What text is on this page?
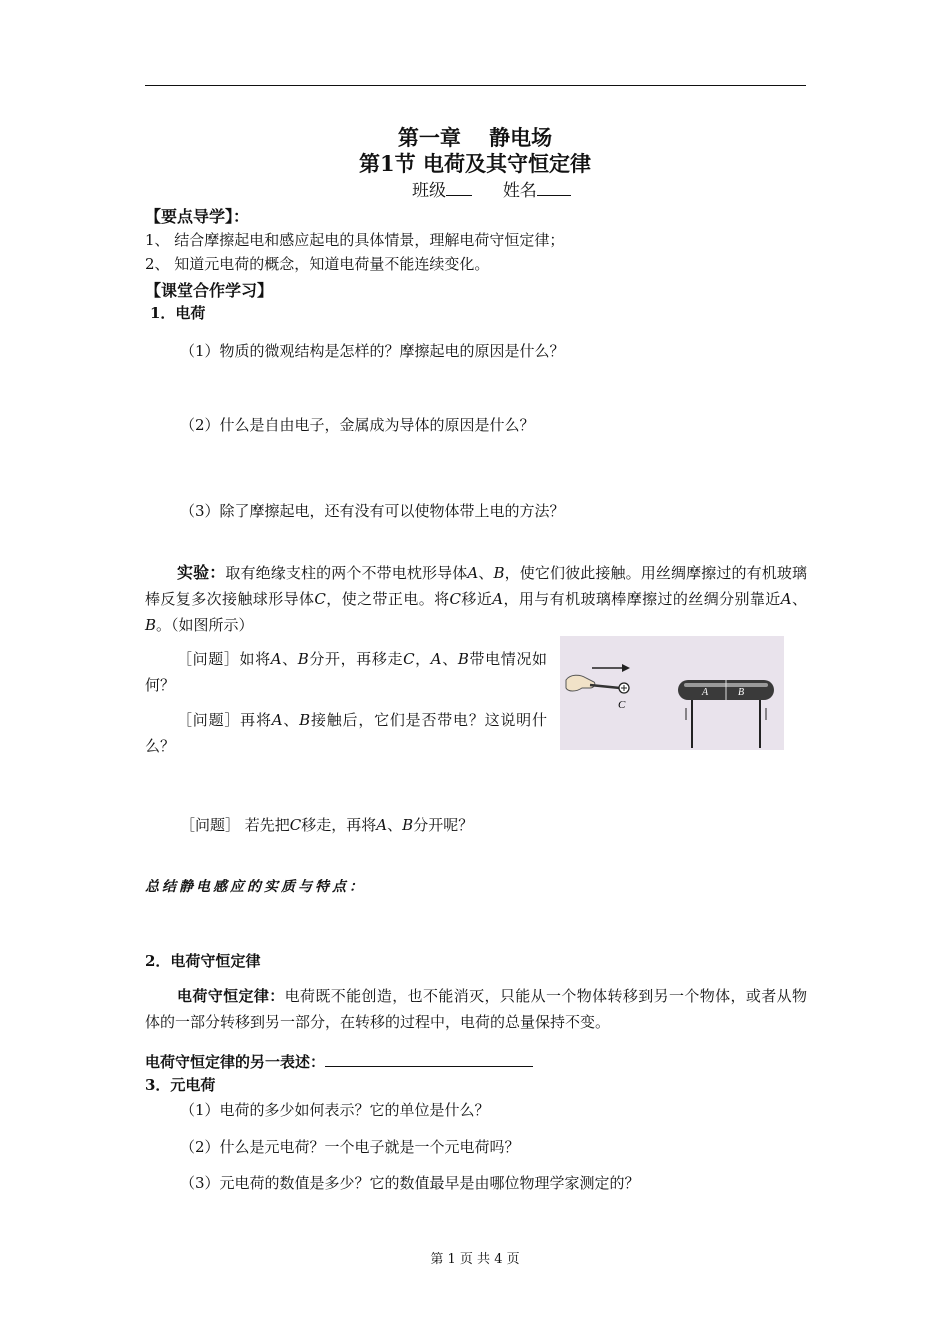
第一章　 静电场
第1节 电荷及其守恒定律
班级	姓名
【要点导学】：
1、 结合摩擦起电和感应起电的具体情景，理解电荷守恒定律；
2、 知道元电荷的概念，知道电荷量不能连续变化。
【课堂合作学习】
1．电荷
（1）物质的微观结构是怎样的？摩擦起电的原因是什么？
（2）什么是自由电子，金属成为导体的原因是什么？
（3）除了摩擦起电，还有没有可以使物体带上电的方法？
实验：取有绝缘支柱的两个不带电枕形导体A、B，使它们彼此接触。用丝绸摩擦过的有机玻璃棒反复多次接触球形导体C，使之带正电。将C移近A，用与有机玻璃棒摩擦过的丝绸分别靠近A、B。（如图所示）
［问题］如将A、B分开，再移走C，A、B带电情况如何？
［问题］再将A、B接触后，它们是否带电？这说明什么？
C
A	B
［问题］ 若先把C移走，再将A、B分开呢？
总结静电感应的实质与特点：
2．电荷守恒定律
电荷守恒定律：电荷既不能创造，也不能消灭，只能从一个物体转移到另一个物体，或者从物体的一部分转移到另一部分，在转移的过程中，电荷的总量保持不变。
电荷守恒定律的另一表述：
3．元电荷
（1）电荷的多少如何表示？它的单位是什么？
（2）什么是元电荷？一个电子就是一个元电荷吗？
（3）元电荷的数值是多少？它的数值最早是由哪位物理学家测定的？
第 1 页 共 4 页
